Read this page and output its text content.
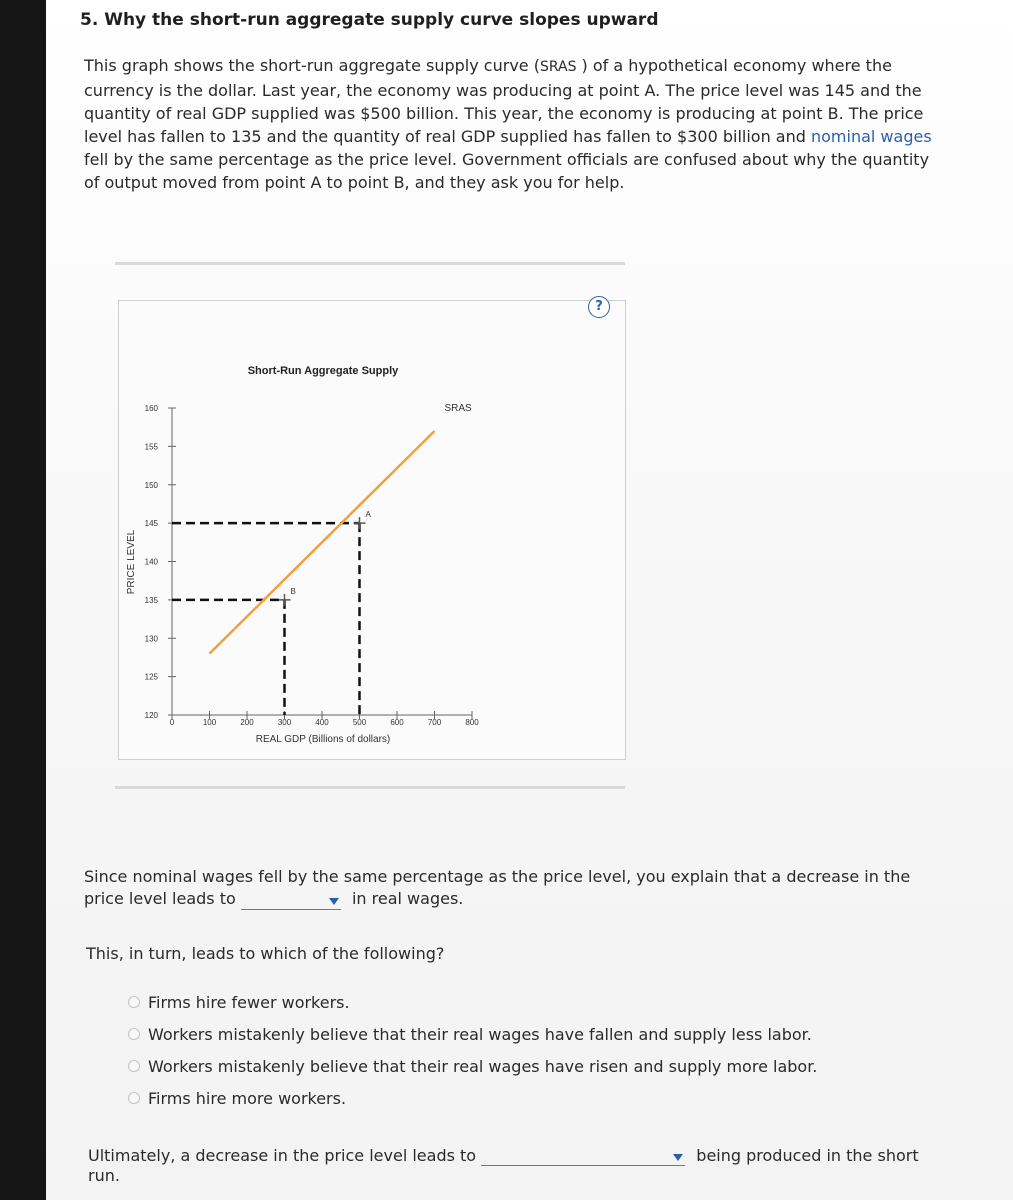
5. Why the short-run aggregate supply curve slopes upward
This graph shows the short-run aggregate supply curve (SRAS ) of a hypothetical economy where the currency is the dollar. Last year, the economy was producing at point A. The price level was 145 and the quantity of real GDP supplied was $500 billion. This year, the economy is producing at point B. The price level has fallen to 135 and the quantity of real GDP supplied has fallen to $300 billion and nominal wages fell by the same percentage as the price level. Government officials are confused about why the quantity of output moved from point A to point B, and they ask you for help.
?
Short-Run Aggregate Supply
PRICE LEVEL
REAL GDP (Billions of dollars)
120
125
130
135
140
145
150
155
160
0	100	200	300	400	500	600	700	800
SRAS
A
B
Since nominal wages fell by the same percentage as the price level, you explain that a decrease in the price level leads to	in real wages.
This, in turn, leads to which of the following?
Firms hire fewer workers.
Workers mistakenly believe that their real wages have fallen and supply less labor.
Workers mistakenly believe that their real wages have risen and supply more labor.
Firms hire more workers.
Ultimately, a decrease in the price level leads to	being produced in the short run.
